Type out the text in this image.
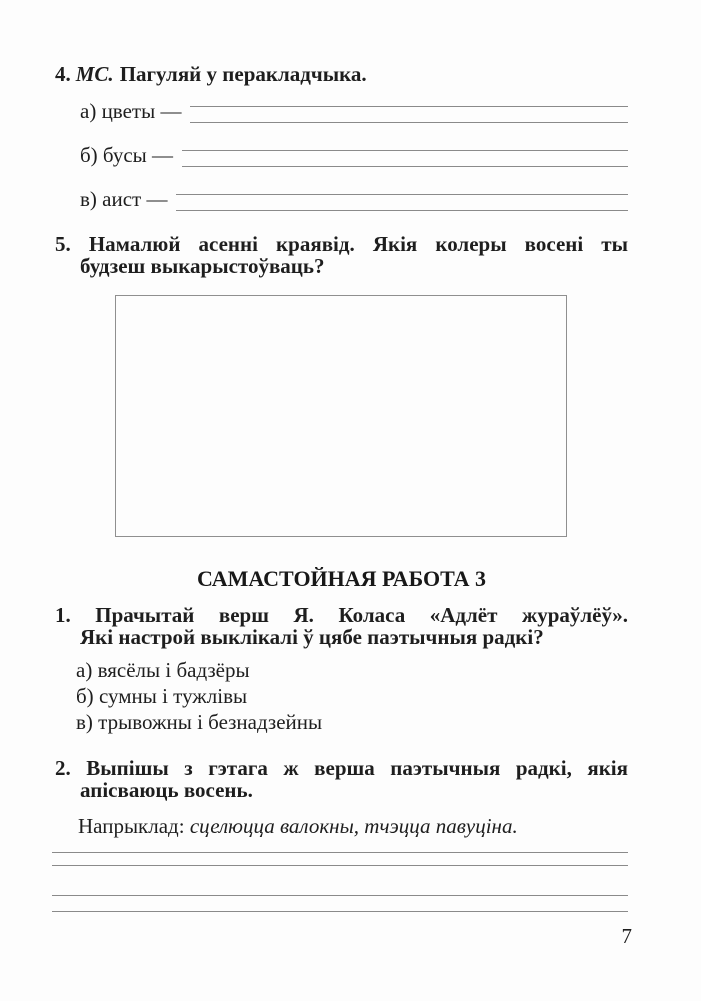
4. МС. Пагуляй у перакладчыка.
а) цветы —
б) бусы —
в) аист —
5. Намалюй асенні краявід. Якія колеры восені ты
будзеш выкарыстоўваць?
САМАСТОЙНАЯ РАБОТА 3
1. Прачытай верш Я. Коласа «Адлёт жураўлёў».
Які настрой выклікалі ў цябе паэтычныя радкі?
а) вясёлы і бадзёры
б) сумны і тужлівы
в) трывожны і безнадзейны
2. Выпішы з гэтага ж верша паэтычныя радкі, якія
апісваюць восень.
Напрыклад: сцелюцца валокны, тчэцца павуціна.
7
